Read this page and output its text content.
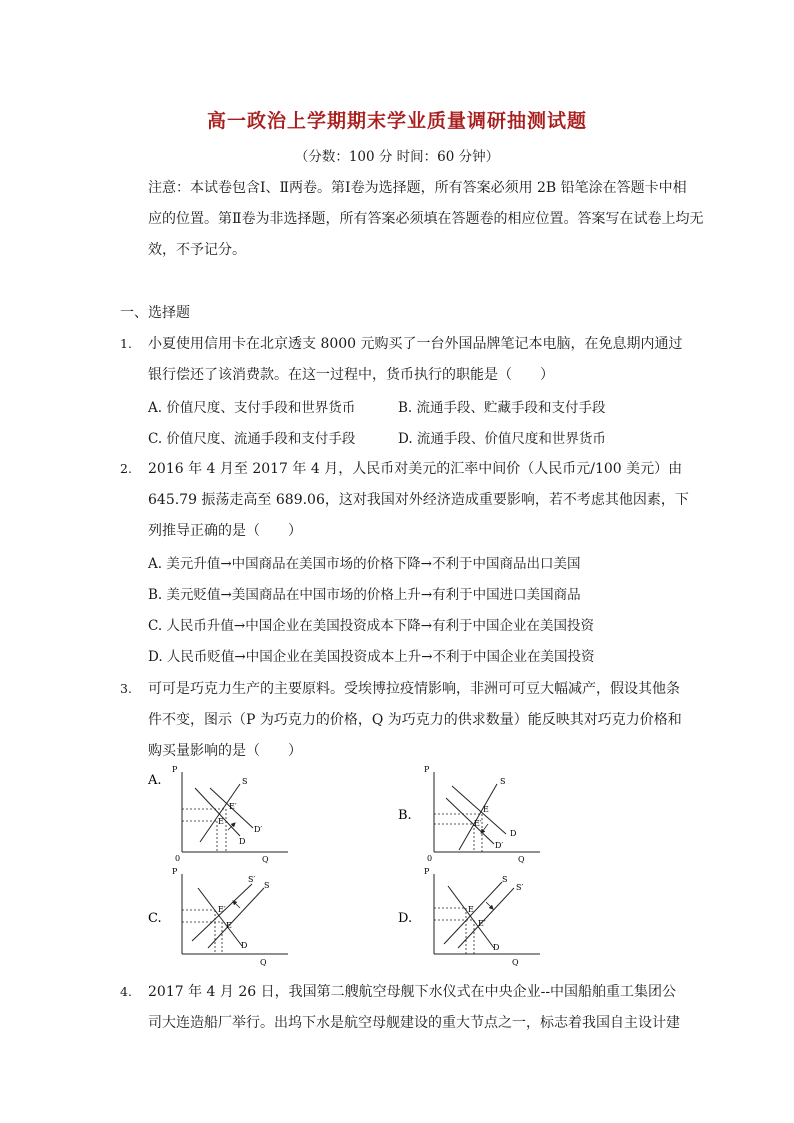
高一政治上学期期末学业质量调研抽测试题
（分数：100 分 时间：60 分钟）
注意：本试卷包含Ⅰ、Ⅱ两卷。第Ⅰ卷为选择题，所有答案必须用 2B 铅笔涂在答题卡中相
应的位置。第Ⅱ卷为非选择题，所有答案必须填在答题卷的相应位置。答案写在试卷上均无
效，不予记分。
一、选择题
1. 小夏使用信用卡在北京透支 8000 元购买了一台外国品牌笔记本电脑，在免息期内通过
银行偿还了该消费款。在这一过程中，货币执行的职能是（　　）
A. 价值尺度、支付手段和世界货币	B. 流通手段、贮藏手段和支付手段
C. 价值尺度、流通手段和支付手段	D. 流通手段、价值尺度和世界货币
2. 2016 年 4 月至 2017 年 4 月，人民币对美元的汇率中间价（人民币元/100 美元）由
645.79 振荡走高至 689.06，这对我国对外经济造成重要影响，若不考虑其他因素，下
列推导正确的是（　　）
A. 美元升值→中国商品在美国市场的价格下降→不利于中国商品出口美国
B. 美元贬值→美国商品在中国市场的价格上升→有利于中国进口美国商品
C. 人民币升值→中国企业在美国投资成本下降→有利于中国企业在美国投资
D. 人民币贬值→中国企业在美国投资成本上升→不利于中国企业在美国投资
3. 可可是巧克力生产的主要原料。受埃博拉疫情影响，非洲可可豆大幅减产，假设其他条
件不变，图示（P 为巧克力的价格，Q 为巧克力的供求数量）能反映其对巧克力价格和
购买量影响的是（　　）
A.
P
Q
0
S
E′
E
D′
D
B.
P
Q
0
S
E
E′
D
D′
C.
P
Q
S′
S
E′
E
D
D.
P
Q
S
S′
E
E′
D
4. 2017 年 4 月 26 日，我国第二艘航空母舰下水仪式在中央企业--中国船舶重工集团公
司大连造船厂举行。出坞下水是航空母舰建设的重大节点之一，标志着我国自主设计建
